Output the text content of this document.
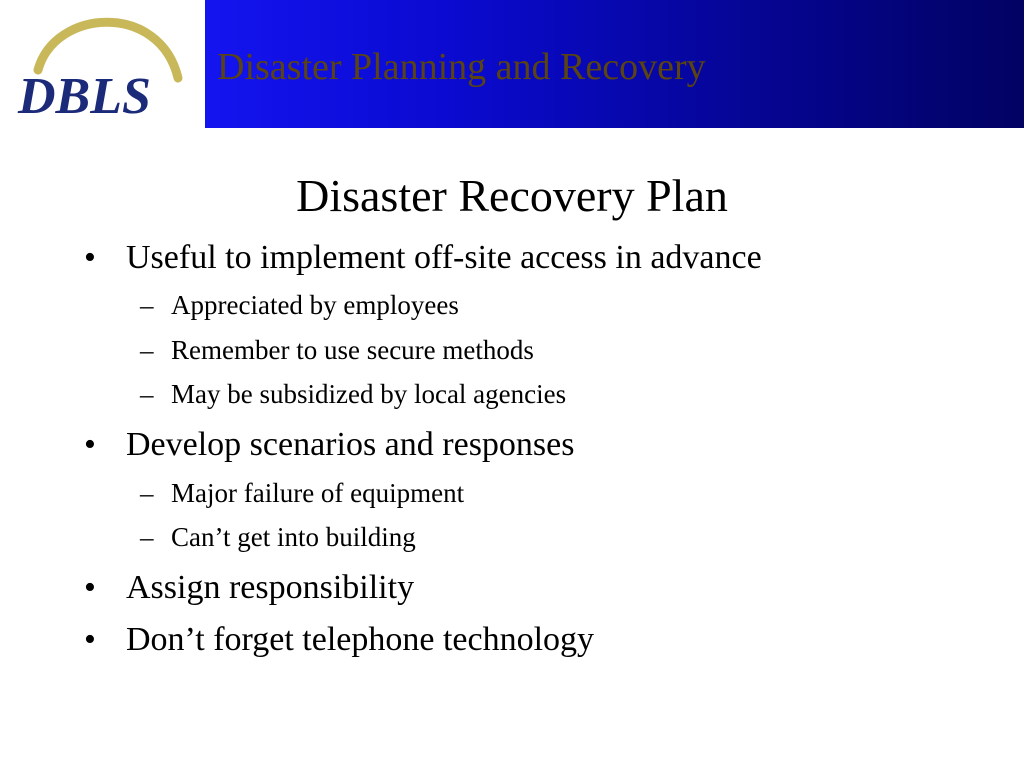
DBLS
Disaster Planning and Recovery
Disaster Recovery Plan
• Useful to implement off-site access in advance
– Appreciated by employees
– Remember to use secure methods
– May be subsidized by local agencies
• Develop scenarios and responses
– Major failure of equipment
– Can’t get into building
• Assign responsibility
• Don’t forget telephone technology
